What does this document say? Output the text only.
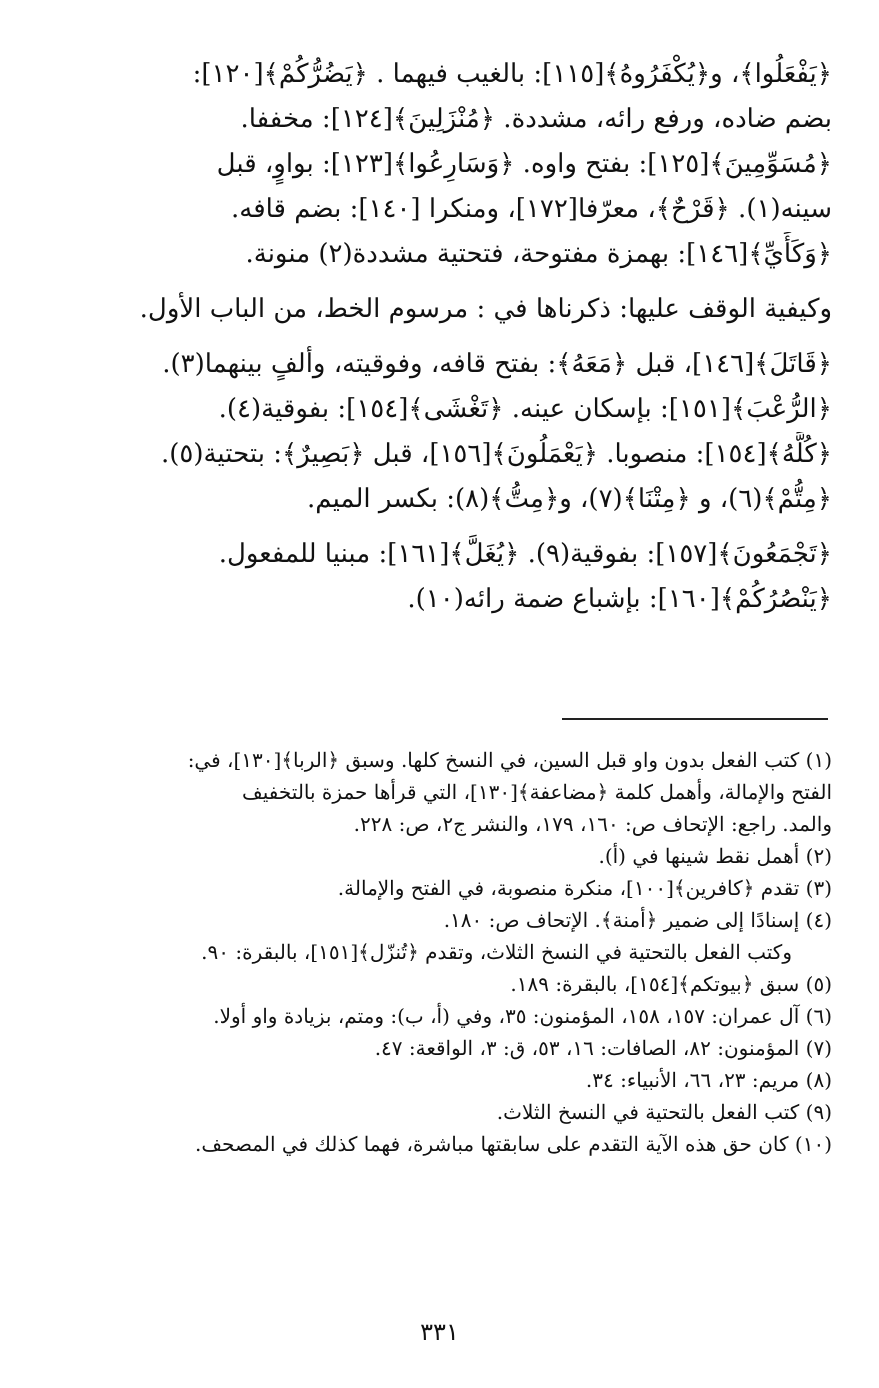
﴿يَفْعَلُوا﴾، و﴿يُكْفَرُوهُ﴾[١١٥]: بالغيب فيهما . ﴿يَضُرُّكُمْ﴾[١٢٠]:
بضم ضاده، ورفع رائه، مشددة. ﴿مُنْزَلِينَ﴾[١٢٤]: مخففا.
﴿مُسَوِّمِينَ﴾[١٢٥]: بفتح واوه. ﴿وَسَارِعُوا﴾[١٢٣]: بواوٍ، قبل
سينه(١). ﴿قَرْحٌ﴾، معرّفا[١٧٢]، ومنكرا [١٤٠]: بضم قافه.
﴿وَكَأَيِّ﴾[١٤٦]: بهمزة مفتوحة، فتحتية مشددة(٢) منونة.
وكيفية الوقف عليها: ذكرناها في : مرسوم الخط، من الباب الأول.
﴿قَاتَلَ﴾[١٤٦]، قبل ﴿مَعَهُ﴾: بفتح قافه، وفوقيته، وألفٍ بينهما(٣).
﴿الرُّعْبَ﴾[١٥١]: بإسكان عينه. ﴿تَغْشَى﴾[١٥٤]: بفوقية(٤).
﴿كُلَّهُ﴾[١٥٤]: منصوبا. ﴿يَعْمَلُونَ﴾[١٥٦]، قبل ﴿بَصِيرٌ﴾: بتحتية(٥).
﴿مِتُّمْ﴾(٦)، و ﴿مِتْنَا﴾(٧)، و﴿مِتُّ﴾(٨): بكسر الميم.
﴿تَجْمَعُونَ﴾[١٥٧]: بفوقية(٩). ﴿يُغَلَّ﴾[١٦١]: مبنيا للمفعول.
﴿يَنْصُرُكُمْ﴾[١٦٠]: بإشباع ضمة رائه(١٠).
(١) كتب الفعل بدون واو قبل السين، في النسخ كلها. وسبق ﴿الربا﴾[١٣٠]، في:
الفتح والإمالة، وأهمل كلمة ﴿مضاعفة﴾[١٣٠]، التي قرأها حمزة بالتخفيف
والمد. راجع: الإتحاف ص: ١٦٠، ١٧٩، والنشر ج٢، ص: ٢٢٨.
(٢) أهمل نقط شينها في (أ).
(٣) تقدم ﴿كافرين﴾[١٠٠]، منكرة منصوبة، في الفتح والإمالة.
(٤) إسنادًا إلى ضمير ﴿أمنة﴾. الإتحاف ص: ١٨٠.
وكتب الفعل بالتحتية في النسخ الثلاث، وتقدم ﴿تُنزّل﴾[١٥١]، بالبقرة: ٩٠.
(٥) سبق ﴿بيوتكم﴾[١٥٤]، بالبقرة: ١٨٩.
(٦) آل عمران: ١٥٧، ١٥٨، المؤمنون: ٣٥، وفي (أ، ب): ومتم، بزيادة واو أولا.
(٧) المؤمنون: ٨٢، الصافات: ١٦، ٥٣، ق: ٣، الواقعة: ٤٧.
(٨) مريم: ٢٣، ٦٦، الأنبياء: ٣٤.
(٩) كتب الفعل بالتحتية في النسخ الثلاث.
(١٠) كان حق هذه الآية التقدم على سابقتها مباشرة، فهما كذلك في المصحف.
٣٣١
